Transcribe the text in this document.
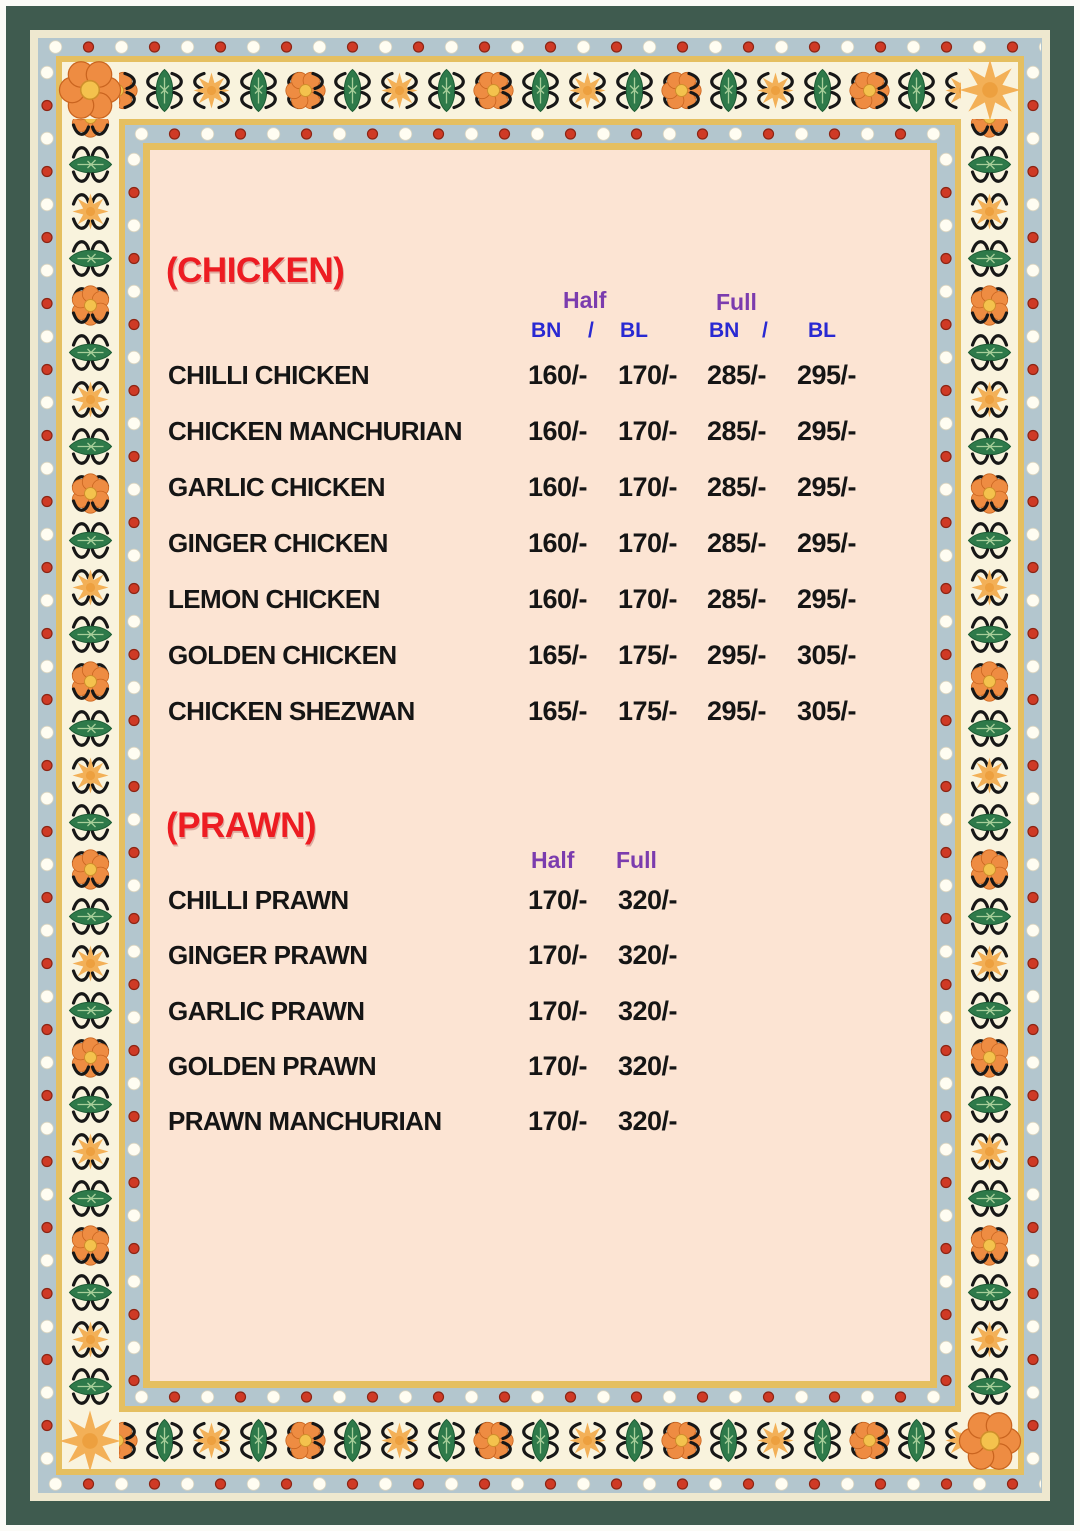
(CHICKEN)
Half	Full
BN / BL	BN / BL
CHILLI CHICKEN	160/- 170/- 285/- 295/-
CHICKEN MANCHURIAN 160/- 170/- 285/- 295/-
GARLIC CHICKEN	160/- 170/- 285/- 295/-
GINGER CHICKEN	160/- 170/- 285/- 295/-
LEMON CHICKEN	160/- 170/- 285/- 295/-
GOLDEN CHICKEN	165/- 175/- 295/- 305/-
CHICKEN SHEZWAN	165/- 175/- 295/- 305/-
(PRAWN)
Half Full
CHILLI PRAWN	170/- 320/-
GINGER PRAWN	170/- 320/-
GARLIC PRAWN	170/- 320/-
GOLDEN PRAWN	170/- 320/-
PRAWN MANCHURIAN	170/- 320/-
